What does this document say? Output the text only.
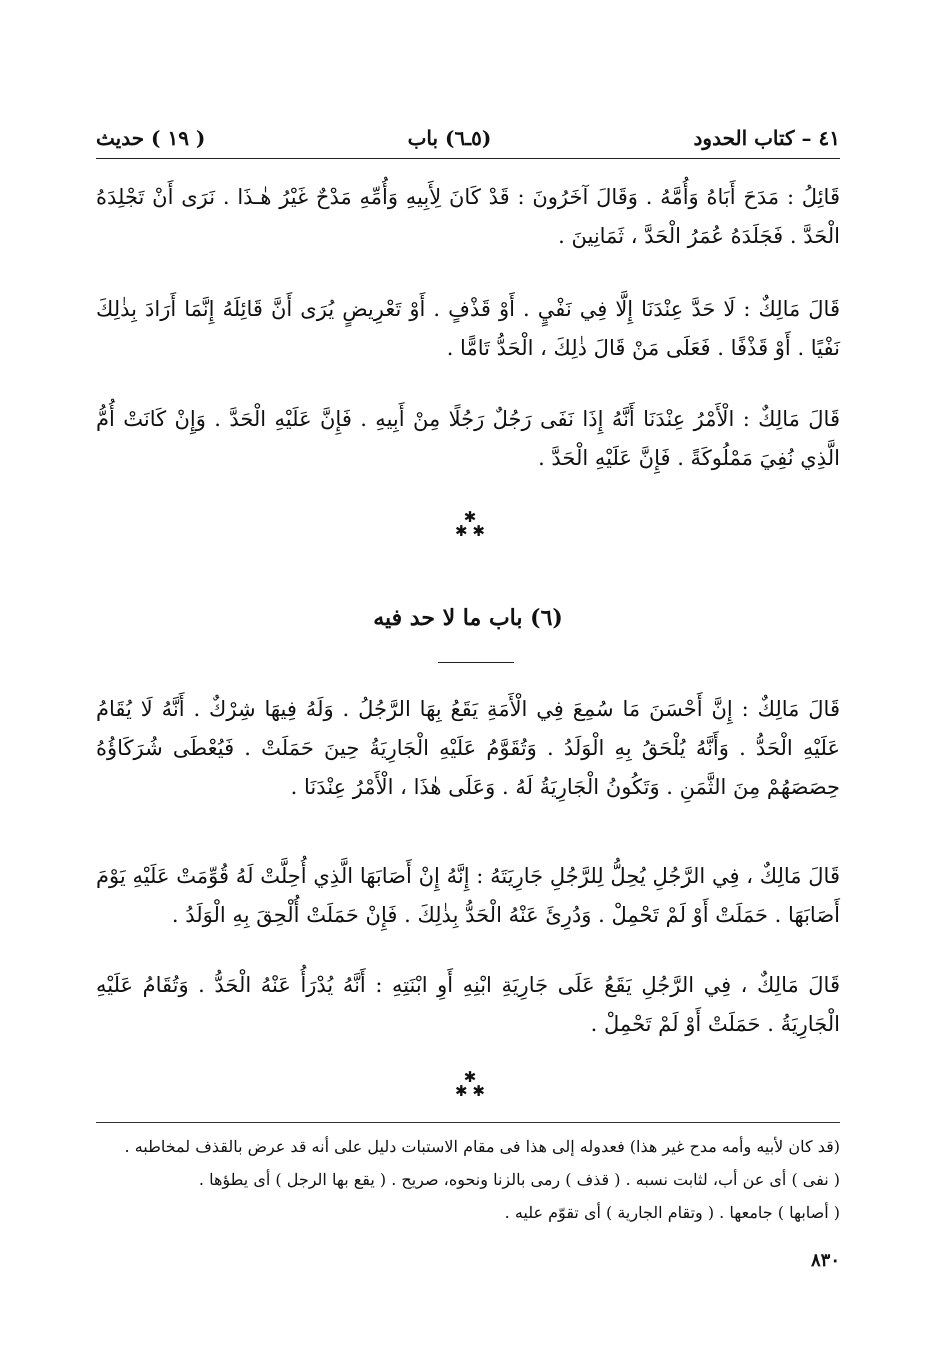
٤١ – كتاب الحدود
(٥ـ٦) باب
( ١٩ ) حديث

قَائِلُ : مَدَحَ أَبَاهُ وَأُمَّهُ . وَقَالَ آخَرُونَ : قَدْ كَانَ لِأَبِيهِ وَأُمِّهِ مَدْحٌ غَيْرُ هٰـذَا . نَرَى أَنْ تَجْلِدَهُ الْحَدَّ . فَجَلَدَهُ عُمَرُ الْحَدَّ ، ثَمَانِينَ .

قَالَ مَالِكٌ : لَا حَدَّ عِنْدَنَا إِلَّا فِي نَفْيٍ . أَوْ قَذْفٍ . أَوْ تَعْرِيضٍ يُرَى أَنَّ قَائِلَهُ إِنَّمَا أَرَادَ بِذٰلِكَ نَفْيًا . أَوْ قَذْفًا . فَعَلَى مَنْ قَالَ ذٰلِكَ ، الْحَدُّ تَامًّا .

قَالَ مَالِكٌ : الْأَمْرُ عِنْدَنَا أَنَّهُ إِذَا نَفَى رَجُلٌ رَجُلًا مِنْ أَبِيهِ . فَإِنَّ عَلَيْهِ الْحَدَّ . وَإِنْ كَانَتْ أُمُّ الَّذِي نُفِيَ مَمْلُوكَةً . فَإِنَّ عَلَيْهِ الْحَدَّ .

✱
✱ ✱
(٦) باب ما لا حد فيه

قَالَ مَالِكٌ : إِنَّ أَحْسَنَ مَا سُمِعَ فِي الْأَمَةِ يَقَعُ بِهَا الرَّجُلُ . وَلَهُ فِيهَا شِرْكٌ . أَنَّهُ لَا يُقَامُ عَلَيْهِ الْحَدُّ . وَأَنَّهُ يُلْحَقُ بِهِ الْوَلَدُ . وَتُقَوَّمُ عَلَيْهِ الْجَارِيَةُ حِينَ حَمَلَتْ . فَيُعْطَى شُرَكَاؤُهُ حِصَصَهُمْ مِنَ الثَّمَنِ . وَتَكُونُ الْجَارِيَةُ لَهُ . وَعَلَى هٰذَا ، الْأَمْرُ عِنْدَنَا .

قَالَ مَالِكٌ ، فِي الرَّجُلِ يُحِلُّ لِلرَّجُلِ جَارِيَتَهُ : إِنَّهُ إِنْ أَصَابَهَا الَّذِي أُحِلَّتْ لَهُ قُوِّمَتْ عَلَيْهِ يَوْمَ أَصَابَهَا . حَمَلَتْ أَوْ لَمْ تَحْمِلْ . وَدُرِئَ عَنْهُ الْحَدُّ بِذٰلِكَ . فَإِنْ حَمَلَتْ أُلْحِقَ بِهِ الْوَلَدُ .

قَالَ مَالِكٌ ، فِي الرَّجُلِ يَقَعُ عَلَى جَارِيَةِ ابْنِهِ أَوِ ابْنَتِهِ : أَنَّهُ يُدْرَأُ عَنْهُ الْحَدُّ . وَتُقَامُ عَلَيْهِ الْجَارِيَةُ . حَمَلَتْ أَوْ لَمْ تَحْمِلْ .

✱
✱ ✱

(قد كان لأبيه وأمه مدح غير هذا) فعدوله إلى هذا فى مقام الاستبات دليل على أنه قد عرض بالقذف لمخاطبه .

( نفى ) أى عن أب، لثابت نسبه . ( قذف ) رمى بالزنا ونحوه، صريح . ( يقع بها الرجل ) أى يطؤها .

( أصابها ) جامعها . ( وتقام الجارية ) أى تقوّم عليه .

٨٣٠
